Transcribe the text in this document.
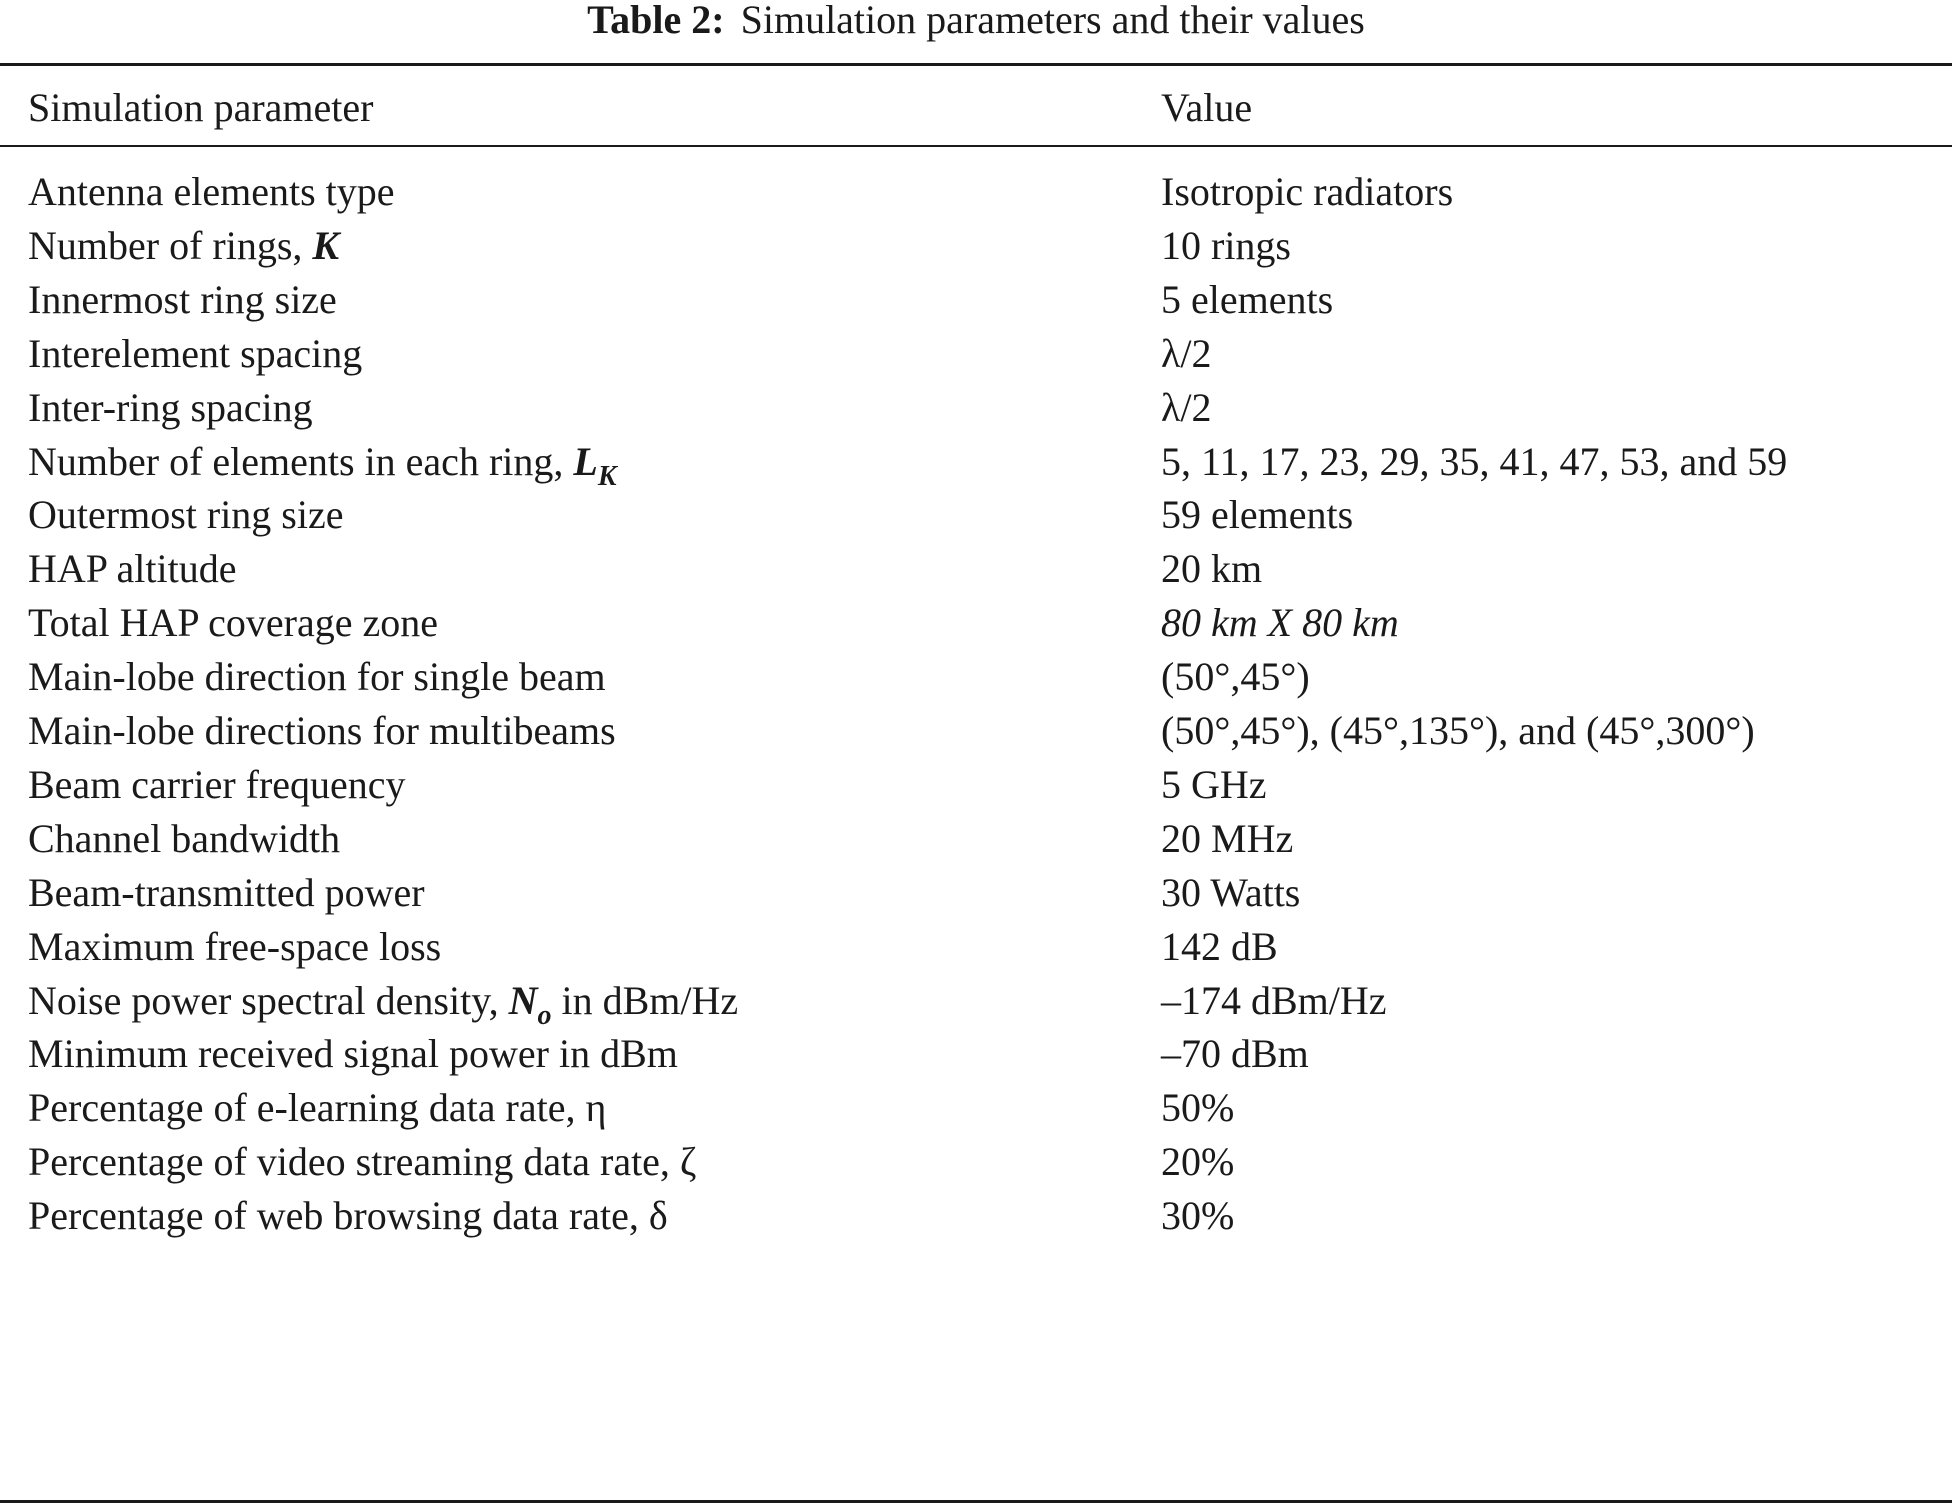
Table 2: Simulation parameters and their values
Simulation parameter	Value
Antenna elements type	Isotropic radiators
Number of rings, K	10 rings
Innermost ring size	5 elements
Interelement spacing	λ/2
Inter-ring spacing	λ/2
Number of elements in each ring, $L_K$	5, 11, 17, 23, 29, 35, 41, 47, 53, and 59
Outermost ring size	59 elements
HAP altitude	20 km
Total HAP coverage zone	80 km X 80 km
Main-lobe direction for single beam	(50°,45°)
Main-lobe directions for multibeams	(50°,45°), (45°,135°), and (45°,300°)
Beam carrier frequency	5 GHz
Channel bandwidth	20 MHz
Beam-transmitted power	30 Watts
Maximum free-space loss	142 dB
Noise power spectral density, $N_o$ in dBm/Hz	–174 dBm/Hz
Minimum received signal power in dBm	–70 dBm
Percentage of e-learning data rate, η	50%
Percentage of video streaming data rate, ζ	20%
Percentage of web browsing data rate, δ	30%
